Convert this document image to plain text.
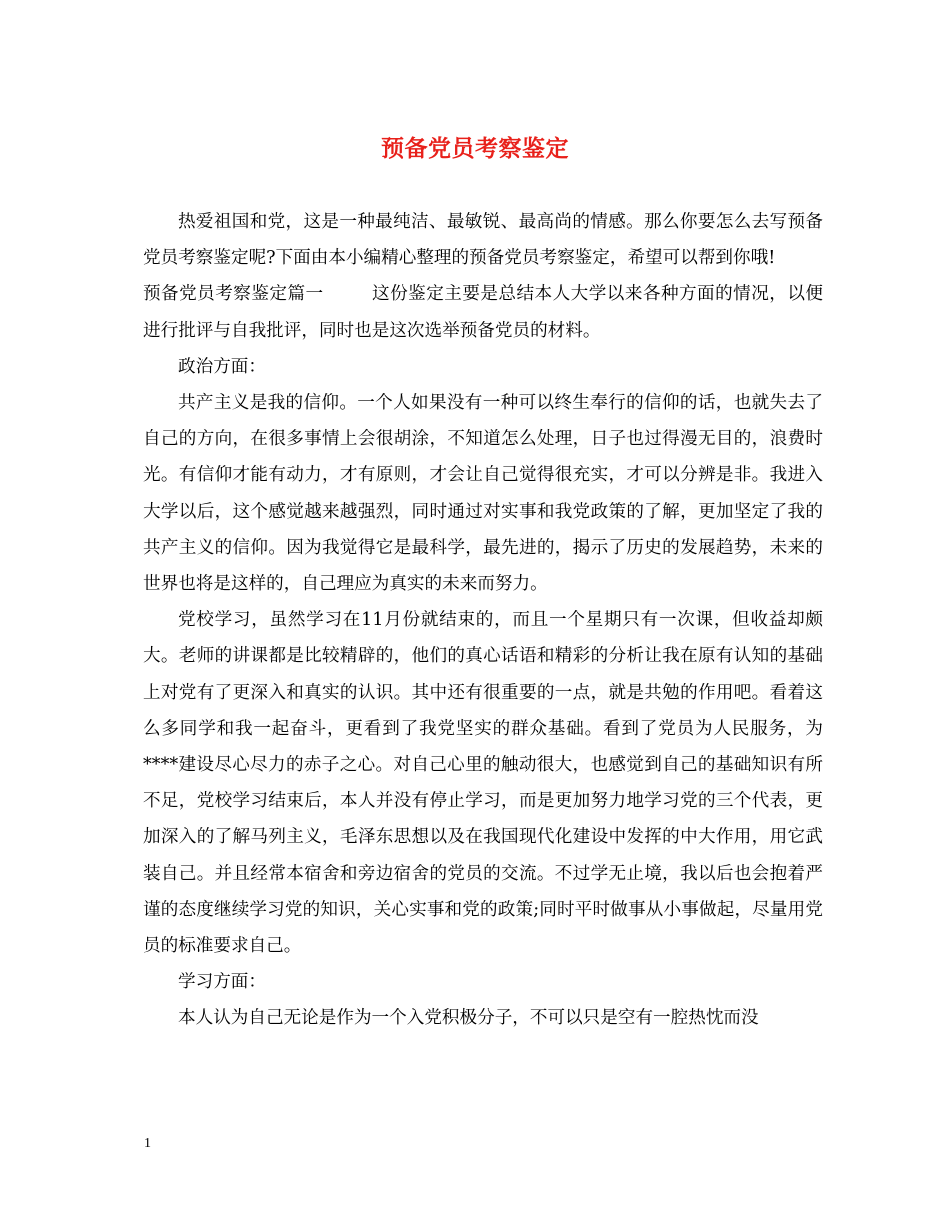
预备党员考察鉴定

热爱祖国和党，这是一种最纯洁、最敏锐、最高尚的情感。那么你要怎么去写预备党员考察鉴定呢?下面由本小编精心整理的预备党员考察鉴定，希望可以帮到你哦!

预备党员考察鉴定篇一	这份鉴定主要是总结本人大学以来各种方面的情况，以便进行批评与自我批评，同时也是这次选举预备党员的材料。

政治方面：

共产主义是我的信仰。一个人如果没有一种可以终生奉行的信仰的话，也就失去了自己的方向，在很多事情上会很胡涂，不知道怎么处理，日子也过得漫无目的，浪费时光。有信仰才能有动力，才有原则，才会让自己觉得很充实，才可以分辨是非。我进入大学以后，这个感觉越来越强烈，同时通过对实事和我党政策的了解，更加坚定了我的共产主义的信仰。因为我觉得它是最科学，最先进的，揭示了历史的发展趋势，未来的世界也将是这样的，自己理应为真实的未来而努力。

党校学习，虽然学习在11月份就结束的，而且一个星期只有一次课，但收益却颇大。老师的讲课都是比较精辟的，他们的真心话语和精彩的分析让我在原有认知的基础上对党有了更深入和真实的认识。其中还有很重要的一点，就是共勉的作用吧。看着这么多同学和我一起奋斗，更看到了我党坚实的群众基础。看到了党员为人民服务，为****建设尽心尽力的赤子之心。对自己心里的触动很大，也感觉到自己的基础知识有所不足，党校学习结束后，本人并没有停止学习，而是更加努力地学习党的三个代表，更加深入的了解马列主义，毛泽东思想以及在我国现代化建设中发挥的中大作用，用它武装自己。并且经常本宿舍和旁边宿舍的党员的交流。不过学无止境，我以后也会抱着严谨的态度继续学习党的知识，关心实事和党的政策;同时平时做事从小事做起，尽量用党员的标准要求自己。

学习方面：

本人认为自己无论是作为一个入党积极分子，不可以只是空有一腔热忱而没

1
